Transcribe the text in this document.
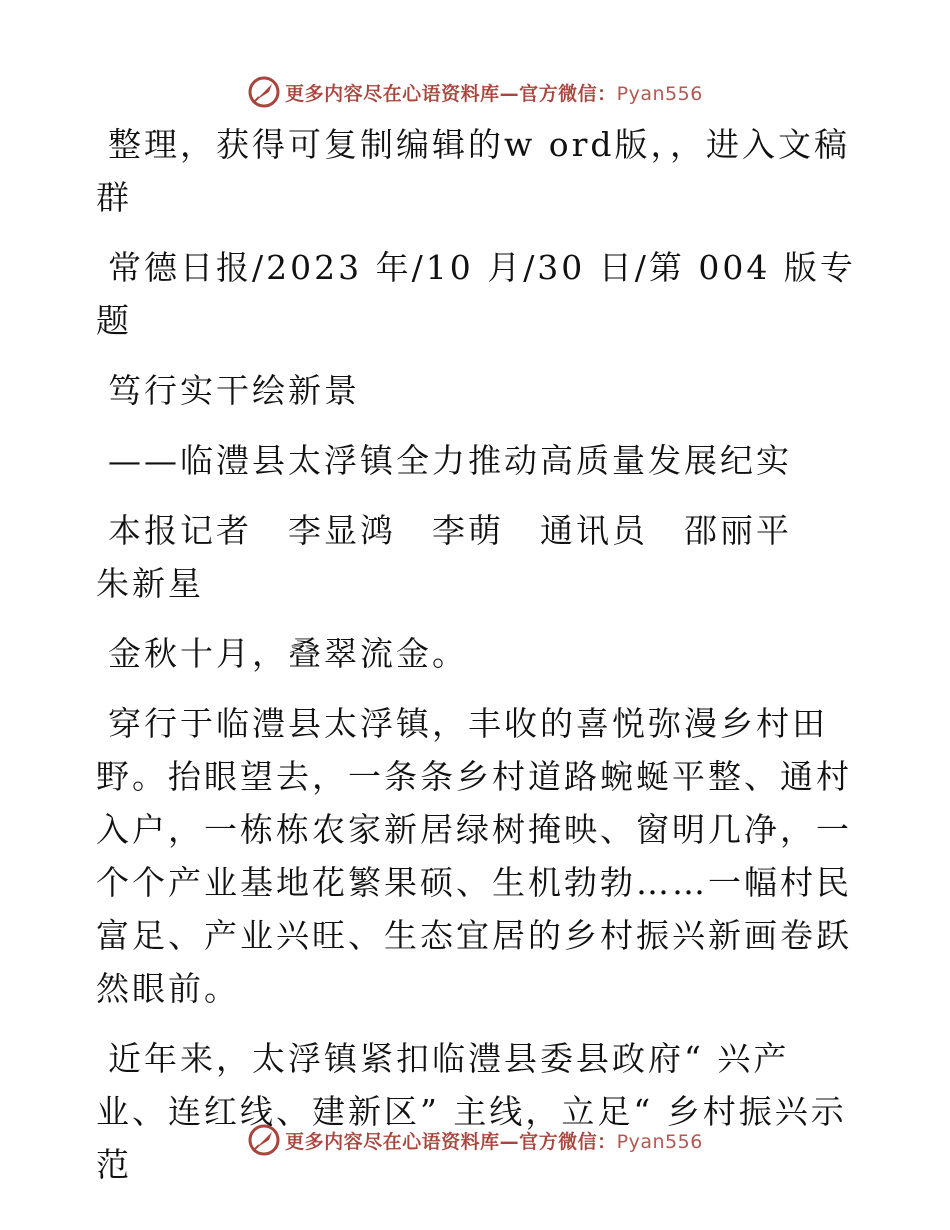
更多内容尽在心语资料库—官方微信：Pyan556

整理，获得可复制编辑的w ord版，，进入文稿群

常德日报/2023 年/10 月/30 日/第 004 版专题

笃行实干绘新景

——临澧县太浮镇全力推动高质量发展纪实

本报记者　李显鸿　李萌　通讯员　邵丽平　朱新星

金秋十月，叠翠流金。

穿行于临澧县太浮镇，丰收的喜悦弥漫乡村田野。抬眼望去，一条条乡村道路蜿蜒平整、通村入户，一栋栋农家新居绿树掩映、窗明几净，一个个产业基地花繁果硕、生机勃勃……一幅村民富足、产业兴旺、生态宜居的乡村振兴新画卷跃然眼前。

近年来，太浮镇紧扣临澧县委县政府“ 兴产业、连红线、建新区” 主线，立足“ 乡村振兴示范

更多内容尽在心语资料库—官方微信：Pyan556
